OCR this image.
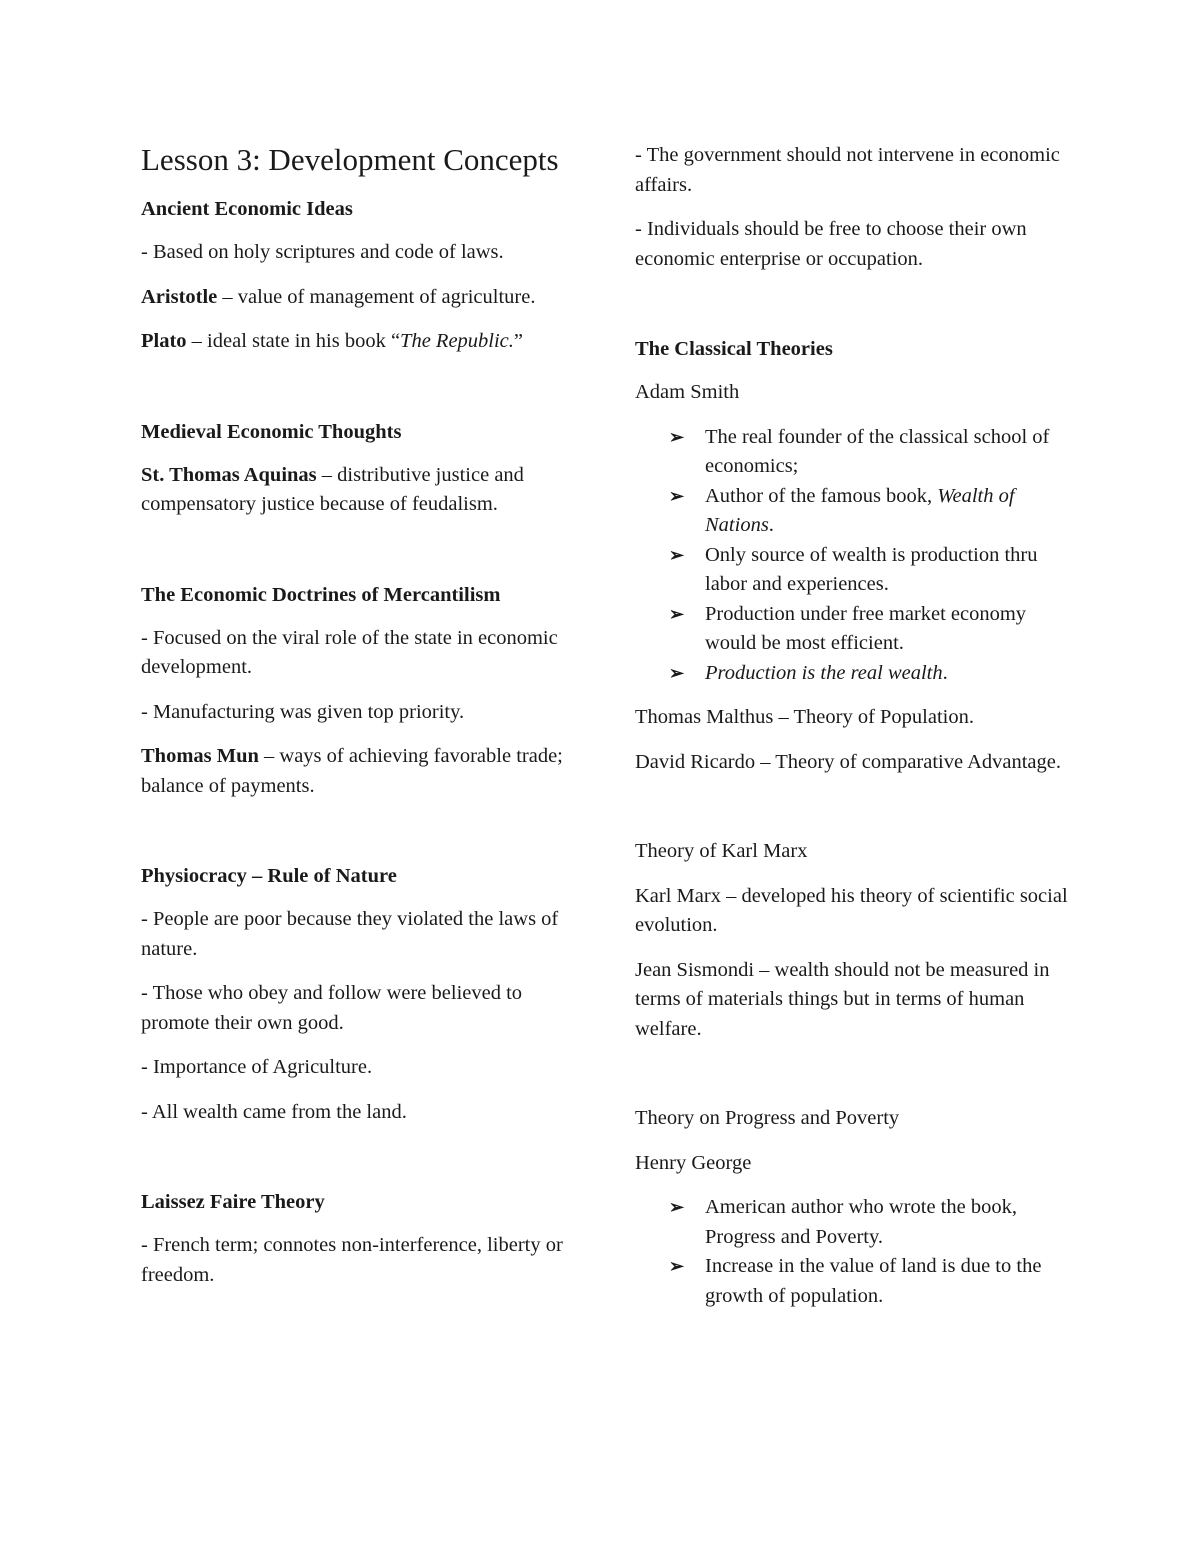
Lesson 3: Development Concepts
Ancient Economic Ideas

- Based on holy scriptures and code of laws.

Aristotle – value of management of agriculture.

Plato – ideal state in his book “The Republic.”

Medieval Economic Thoughts

St. Thomas Aquinas – distributive justice and compensatory justice because of feudalism.

The Economic Doctrines of Mercantilism

- Focused on the viral role of the state in economic development.

- Manufacturing was given top priority.

Thomas Mun – ways of achieving favorable trade; balance of payments.

Physiocracy – Rule of Nature

- People are poor because they violated the laws of nature.

- Those who obey and follow were believed to promote their own good.

- Importance of Agriculture.

- All wealth came from the land.

Laissez Faire Theory

- French term; connotes non-interference, liberty or freedom.

- The government should not intervene in economic affairs.

- Individuals should be free to choose their own economic enterprise or occupation.

The Classical Theories

Adam Smith

➢ The real founder of the classical school of economics;
➢ Author of the famous book, Wealth of Nations.
➢ Only source of wealth is production thru labor and experiences.
➢ Production under free market economy would be most efficient.
➢ Production is the real wealth.

Thomas Malthus – Theory of Population.

David Ricardo – Theory of comparative Advantage.

Theory of Karl Marx

Karl Marx – developed his theory of scientific social evolution.

Jean Sismondi – wealth should not be measured in terms of materials things but in terms of human welfare.

Theory on Progress and Poverty

Henry George

➢ American author who wrote the book, Progress and Poverty.
➢ Increase in the value of land is due to the growth of population.
